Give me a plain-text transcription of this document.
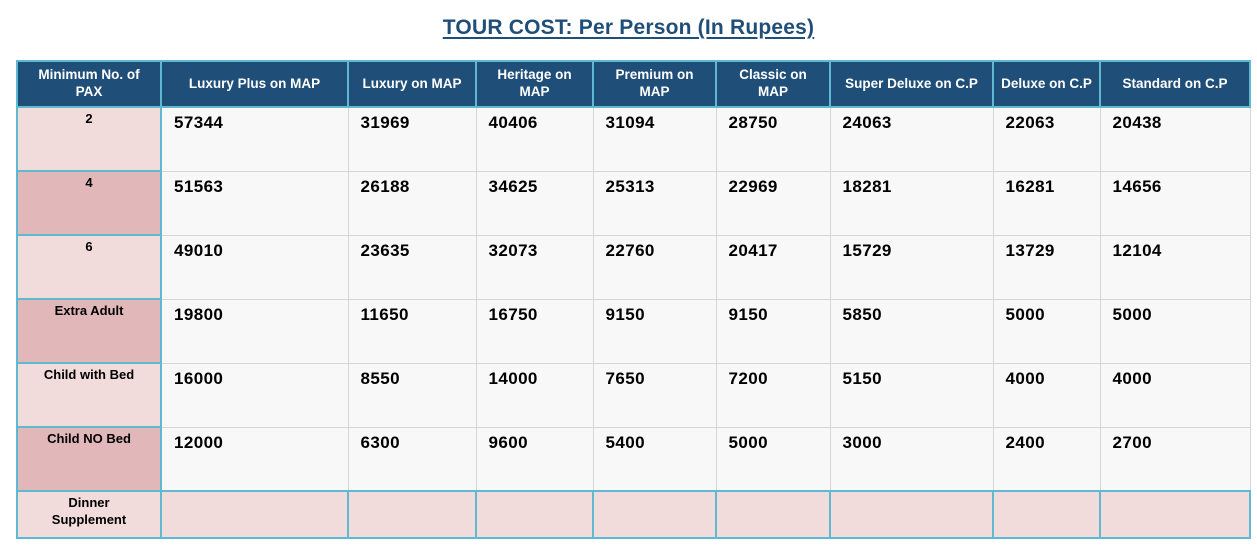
TOUR COST: Per Person (In Rupees)
Minimum No. of PAX	Luxury Plus on MAP	Luxury on MAP	Heritage on MAP	Premium on MAP	Classic on MAP	Super Deluxe on C.P	Deluxe on C.P	Standard on C.P
2	57344	31969	40406	31094	28750	24063	22063	20438
4	51563	26188	34625	25313	22969	18281	16281	14656
6	49010	23635	32073	22760	20417	15729	13729	12104
Extra Adult	19800	11650	16750	9150	9150	5850	5000	5000
Child with Bed	16000	8550	14000	7650	7200	5150	4000	4000
Child NO Bed	12000	6300	9600	5400	5000	3000	2400	2700
Dinner Supplement								
